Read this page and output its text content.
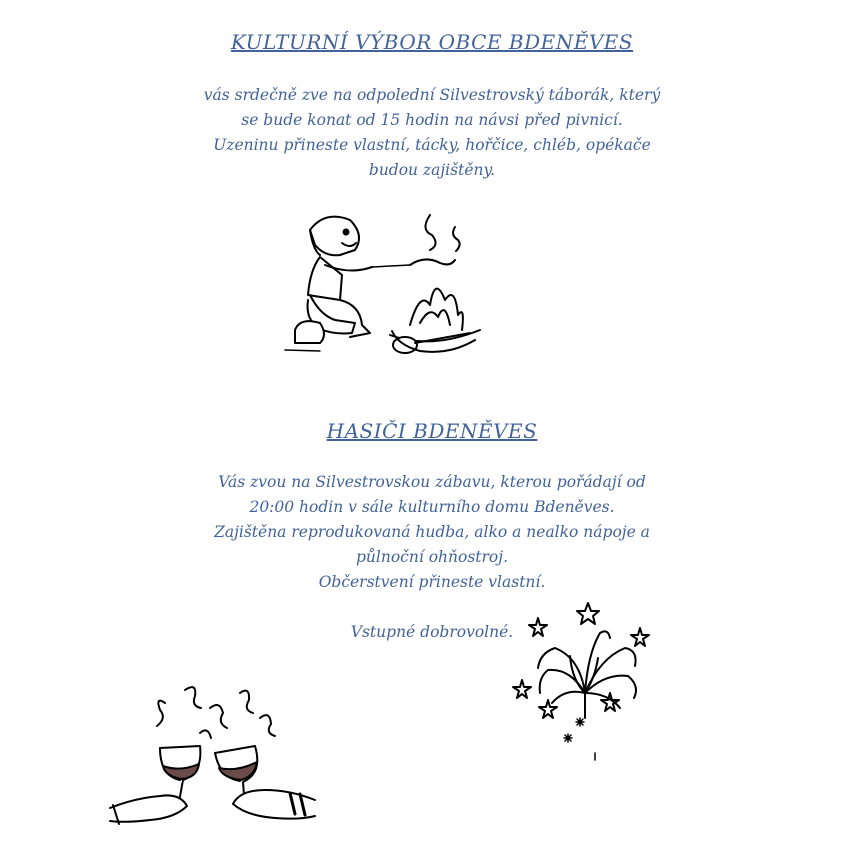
KULTURNÍ VÝBOR OBCE BDENĚVES
vás srdečně zve na odpolední Silvestrovský táborák, který
se bude konat od 15 hodin na návsi před pivnicí.
Uzeninu přineste vlastní, tácky, hořčice, chléb, opékače
budou zajištěny.
HASIČI BDENĚVES
Vás zvou na Silvestrovskou zábavu, kterou pořádají od
20:00 hodin v sále kulturního domu Bdeněves.
Zajištěna reprodukovaná hudba, alko a nealko nápoje a
půlnoční ohňostroj.
Občerstvení přineste vlastní.
Vstupné dobrovolné.
